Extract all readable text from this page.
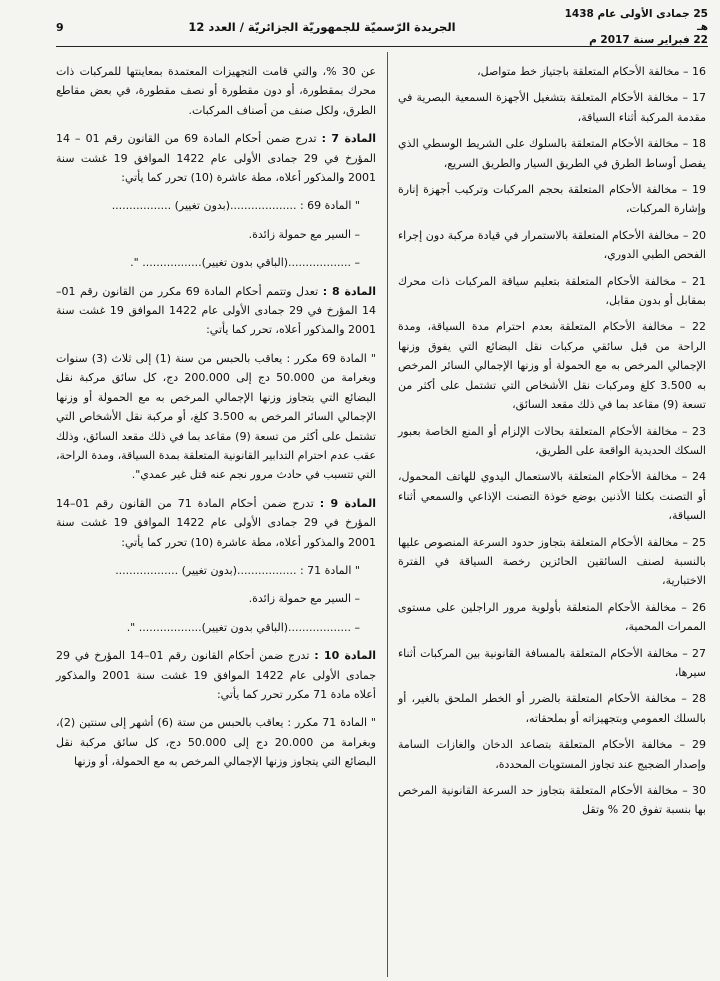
25 جمادى الأولى عام 1438 هـ
22 فبراير سنة 2017 م
الجريدة الرّسميّة للجمهوريّة الجزائريّة / العدد 12
9

16 – مخالفة الأحكام المتعلقة باجتياز خط متواصل،

17 – مخالفة الأحكام المتعلقة بتشغيل الأجهزة السمعية البصرية في مقدمة المركبة أثناء السياقة،

18 – مخالفة الأحكام المتعلقة بالسلوك على الشريط الوسطي الذي يفصل أوساط الطرق في الطريق السيار والطريق السريع،

19 – مخالفة الأحكام المتعلقة بحجم المركبات وتركيب أجهزة إنارة وإشارة المركبات،

20 – مخالفة الأحكام المتعلقة بالاستمرار في قيادة مركبة دون إجراء الفحص الطبي الدوري،

21 – مخالفة الأحكام المتعلقة بتعليم سياقة المركبات ذات محرك بمقابل أو بدون مقابل،

22 – مخالفة الأحكام المتعلقة بعدم احترام مدة السياقة، ومدة الراحة من قبل سائقي مركبات نقل البضائع التي يفوق وزنها الإجمالي المرخص به مع الحمولة أو وزنها الإجمالي السائر المرخص به 3.500 كلغ ومركبات نقل الأشخاص التي تشتمل على أكثر من تسعة (9) مقاعد بما في ذلك مقعد السائق،

23 – مخالفة الأحكام المتعلقة بحالات الإلزام أو المنع الخاصة بعبور السكك الحديدية الواقعة على الطريق،

24 – مخالفة الأحكام المتعلقة بالاستعمال اليدوي للهاتف المحمول، أو التصنت بكلتا الأذنين بوضع خوذة التصنت الإذاعي والسمعي أثناء السياقة،

25 – مخالفة الأحكام المتعلقة بتجاوز حدود السرعة المنصوص عليها بالنسبة لصنف السائقين الحائزين رخصة السياقة في الفترة الاختبارية،

26 – مخالفة الأحكام المتعلقة بأولوية مرور الراجلين على مستوى الممرات المحمية،

27 – مخالفة الأحكام المتعلقة بالمسافة القانونية بين المركبات أثناء سيرها،

28 – مخالفة الأحكام المتعلقة بالضرر أو الخطر الملحق بالغير، أو بالسلك العمومي وبتجهيزاته أو بملحقاته،

29 – مخالفة الأحكام المتعلقة بتصاعد الدخان والغازات السامة وإصدار الضجيج عند تجاوز المستويات المحددة،

30 – مخالفة الأحكام المتعلقة بتجاوز حد السرعة القانونية المرخص بها بنسبة تفوق 20 % وتقل

عن 30 %، والتي قامت التجهيزات المعتمدة بمعاينتها للمركبات ذات محرك بمقطورة، أو دون مقطورة أو نصف مقطورة، في بعض مقاطع الطرق، ولكل صنف من أصناف المركبات.

المادة 7 : تدرج ضمن أحكام المادة 69 من القانون رقم 01 – 14 المؤرخ في 29 جمادى الأولى عام 1422 الموافق 19 غشت سنة 2001 والمذكور أعلاه، مطة عاشرة (10) تحرر كما يأتي:

" المادة 69 : ...................(بدون تغيير) .................

– السير مع حمولة زائدة.

– ..................(الباقي بدون تغيير)................. ".

المادة 8 : تعدل وتتمم أحكام المادة 69 مكرر من القانون رقم 01– 14 المؤرخ في 29 جمادى الأولى عام 1422 الموافق 19 غشت سنة 2001 والمذكور أعلاه، تحرر كما يأتي:

" المادة 69 مكرر : يعاقب بالحبس من سنة (1) إلى ثلاث (3) سنوات وبغرامة من 50.000 دج إلى 200.000 دج، كل سائق مركبة نقل البضائع التي يتجاوز وزنها الإجمالي المرخص به مع الحمولة أو وزنها الإجمالي السائر المرخص به 3.500 كلغ، أو مركبة نقل الأشخاص التي تشتمل على أكثر من تسعة (9) مقاعد بما في ذلك مقعد السائق، وذلك عقب عدم احترام التدابير القانونية المتعلقة بمدة السياقة، ومدة الراحة، التي تتسبب في حادث مرور نجم عنه قتل غير عمدي".

المادة 9 : تدرج ضمن أحكام المادة 71 من القانون رقم 01–14 المؤرخ في 29 جمادى الأولى عام 1422 الموافق 19 غشت سنة 2001 والمذكور أعلاه، مطة عاشرة (10) تحرر كما يأتي:

" المادة 71 : .................(بدون تغيير) ..................

– السير مع حمولة زائدة.

– ..................(الباقي بدون تغيير).................. ".

المادة 10 : تدرج ضمن أحكام القانون رقم 01–14 المؤرخ في 29 جمادى الأولى عام 1422 الموافق 19 غشت سنة 2001 والمذكور أعلاه مادة 71 مكرر تحرر كما يأتي:

" المادة 71 مكرر : يعاقب بالحبس من ستة (6) أشهر إلى سنتين (2)، وبغرامة من 20.000 دج إلى 50.000 دج، كل سائق مركبة نقل البضائع التي يتجاوز وزنها الإجمالي المرخص به مع الحمولة، أو وزنها
